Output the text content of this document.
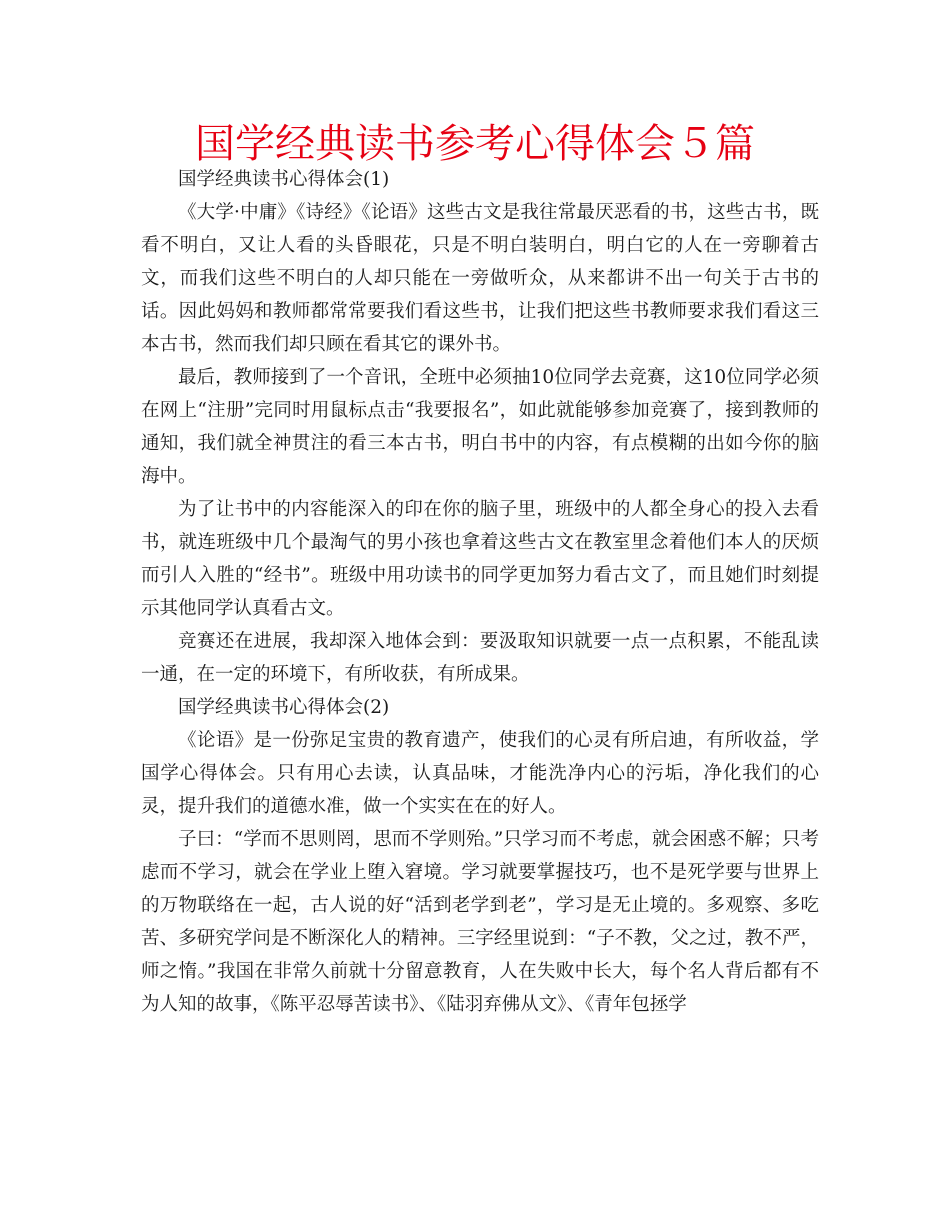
国学经典读书参考心得体会５篇

国学经典读书心得体会(1)

《大学·中庸》《诗经》《论语》这些古文是我往常最厌恶看的书，这些古书，既看不明白，又让人看的头昏眼花，只是不明白装明白，明白它的人在一旁聊着古文，而我们这些不明白的人却只能在一旁做听众，从来都讲不出一句关于古书的话。因此妈妈和教师都常常要我们看这些书，让我们把这些书教师要求我们看这三本古书，然而我们却只顾在看其它的课外书。

最后，教师接到了一个音讯，全班中必须抽10位同学去竞赛，这10位同学必须在网上“注册”完同时用鼠标点击“我要报名”，如此就能够参加竞赛了，接到教师的通知，我们就全神贯注的看三本古书，明白书中的内容，有点模糊的出如今你的脑海中。

为了让书中的内容能深入的印在你的脑子里，班级中的人都全身心的投入去看书，就连班级中几个最淘气的男小孩也拿着这些古文在教室里念着他们本人的厌烦而引人入胜的“经书”。班级中用功读书的同学更加努力看古文了，而且她们时刻提示其他同学认真看古文。

竞赛还在进展，我却深入地体会到：要汲取知识就要一点一点积累，不能乱读一通，在一定的环境下，有所收获，有所成果。

国学经典读书心得体会(2)

《论语》是一份弥足宝贵的教育遗产，使我们的心灵有所启迪，有所收益，学国学心得体会。只有用心去读，认真品味，才能洗净内心的污垢，净化我们的心灵，提升我们的道德水准，做一个实实在在的好人。

子曰：“学而不思则罔，思而不学则殆。”只学习而不考虑，就会困惑不解；只考虑而不学习，就会在学业上堕入窘境。学习就要掌握技巧，也不是死学要与世界上的万物联络在一起，古人说的好“活到老学到老”，学习是无止境的。多观察、多吃苦、多研究学问是不断深化人的精神。三字经里说到：“子不教，父之过，教不严，师之惰。”我国在非常久前就十分留意教育，人在失败中长大，每个名人背后都有不为人知的故事，《陈平忍辱苦读书》、《陆羽弃佛从文》、《青年包拯学
